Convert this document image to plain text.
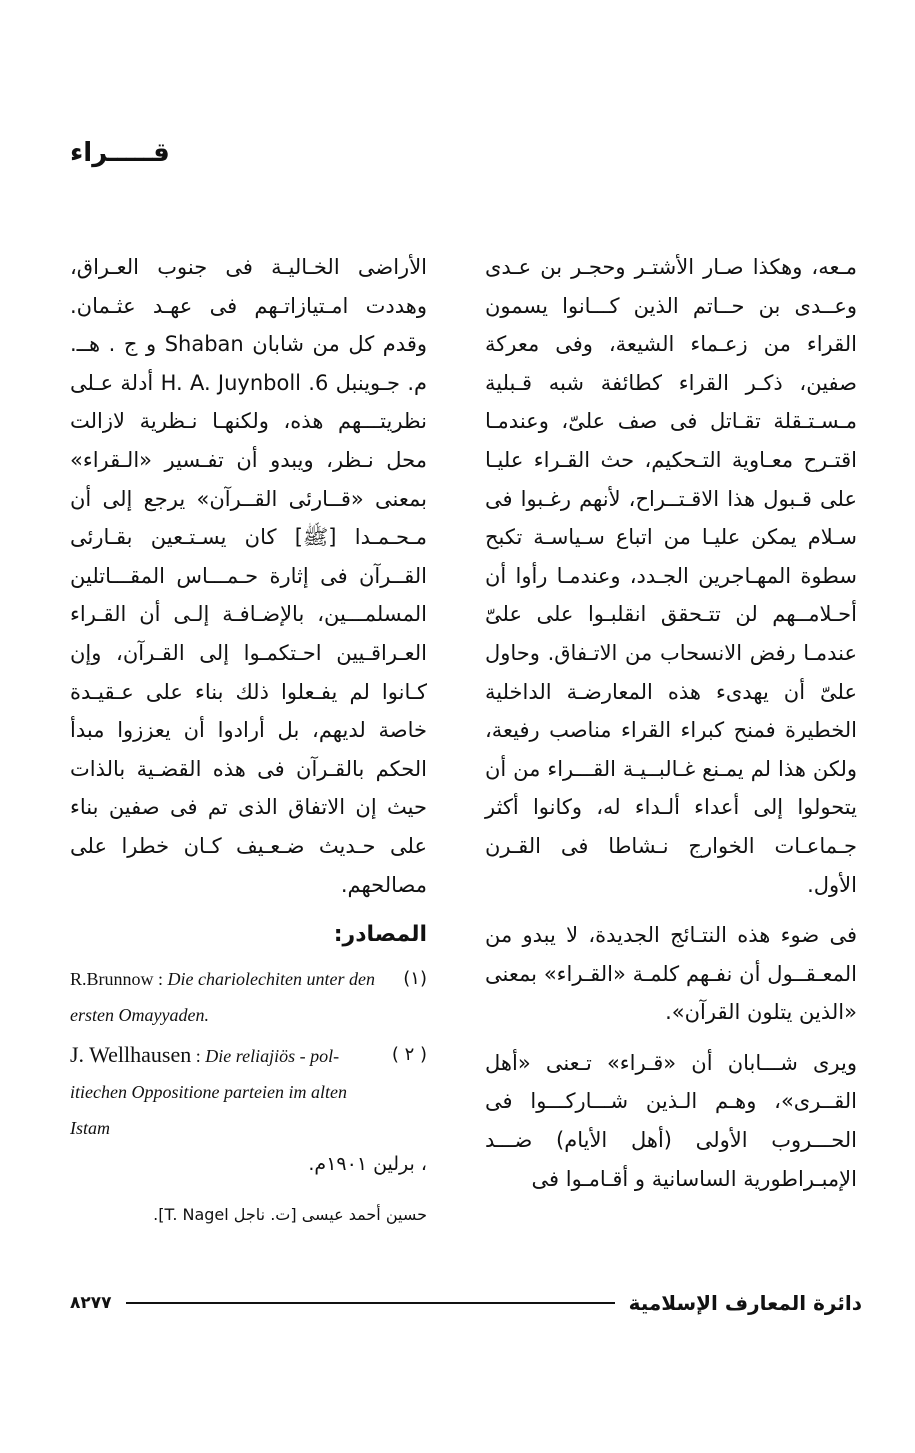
قـــــراء

مـعه، وهكذا صـار الأشتـر وحجـر بن عـدى وعــدى بن حــاتم الذين كـــانوا يسمون القراء من زعـماء الشيعة، وفى معركة صفين، ذكـر القراء كطائفة شبه قـبلية مـسـتـقلة تقـاتل فى صف علىّ، وعندمـا اقتـرح معـاوية التـحكيم، حث القـراء عليـا على قـبول هذا الاقـتــراح، لأنهم رغـبوا فى سـلام يمكن عليـا من اتباع سـياسـة تكبح سطوة المهـاجرين الجـدد، وعندمـا رأوا أن أحـلامــهم لن تتـحقق انقلبـوا على علىّ عندمـا رفض الانسحاب من الاتـفاق. وحاول علىّ أن يهدىء هذه المعارضـة الداخلية الخطيرة فمنح كبراء القراء مناصب رفيعة، ولكن هذا لم يمـنع غـالبــيـة القـــراء من أن يتحولوا إلى أعداء ألـداء له، وكانوا أكثر جـماعـات الخوارج نـشاطا فى القـرن الأول.

فى ضوء هذه النتـائج الجديدة، لا يبدو من المعـقــول أن نفـهم كلمـة «القـراء» بمعنى «الذين يتلون القرآن».

ويرى شـــابان أن «قـراء» تـعنى «أهل القــرى»، وهـم الـذين شـــاركـــوا فى الحـــروب الأولى (أهل الأيام) ضـــد الإمبـراطورية الساسانية و أقـامـوا فى

الأراضى الخـاليـة فى جنوب العـراق، وهددت امـتيازاتـهم فى عهـد عثـمان. وقدم كل من شابان Shaban و ج . هــ. م. جـوينبل 6. H. A. Juynboll أدلة عـلى نظريتـــهم هذه، ولكنهـا نـظرية لازالت محل نـظر، ويبدو أن تفـسير «الـقراء» بمعنى «قــارئى القــرآن» يرجع إلى أن مـحـمـدا [ﷺ] كان يسـتـعين بقـارئى القــرآن فى إثارة حـمـــاس المقـــاتلين المسلمـــين، بالإضـافـة إلـى أن القـراء العـراقـيين احـتكمـوا إلى القـرآن، وإن كـانوا لم يفـعلوا ذلك بناء على عـقيـدة خاصة لديهم، بل أرادوا أن يعززوا مبدأ الحكم بالقـرآن فى هذه القضـية بالذات حيث إن الاتفاق الذى تم فى صفين بناء على حـديث ضـعـيف كـان خطرا على مصالحهم.

المصادر:
R.Brunnow : Die chariolechiten unter den ersten Omayyaden.
(١)
J. Wellhausen : Die reliajiös - pol- itiechen Oppositione parteien im alten Istam
( ٢ )
، برلين ١٩٠١م.
حسين أحمد عيسى [ت. ناجل T. Nagel].
٨٢٧٧	دائرة المعارف الإسلامية
